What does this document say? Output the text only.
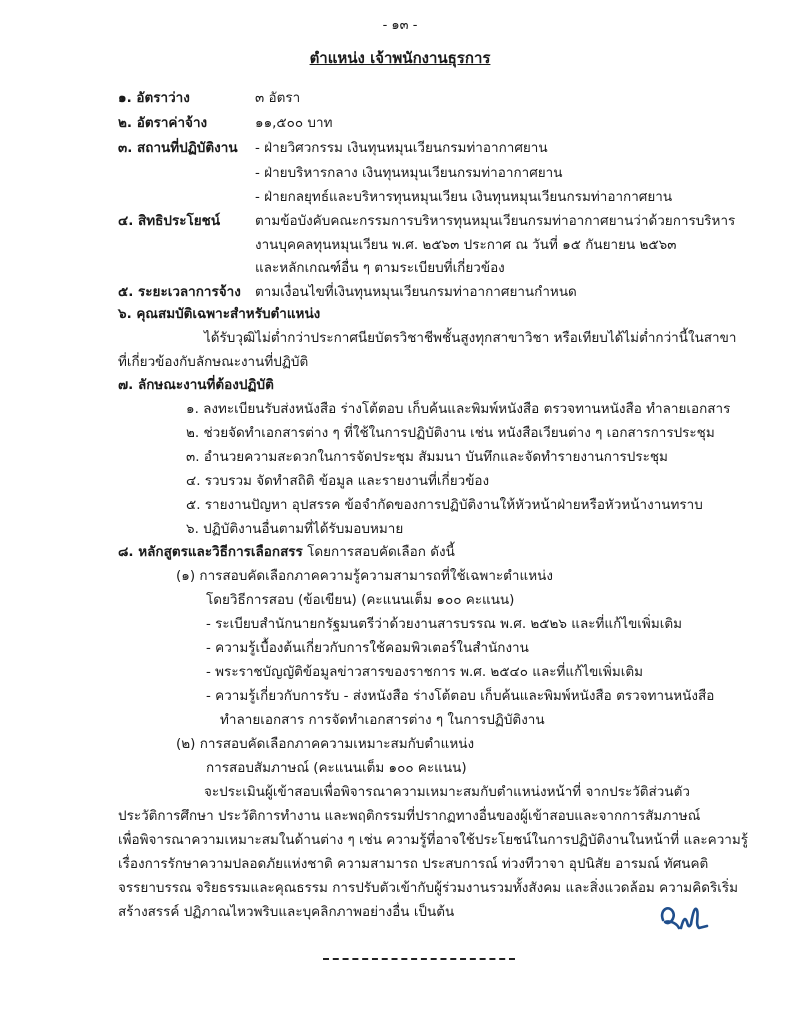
- ๑๓ -
ตำแหน่ง เจ้าพนักงานธุรการ
๑. อัตราว่าง	๓ อัตรา
๒. อัตราค่าจ้าง	๑๑,๕๐๐ บาท
๓. สถานที่ปฏิบัติงาน - ฝ่ายวิศวกรรม เงินทุนหมุนเวียนกรมท่าอากาศยาน
- ฝ่ายบริหารกลาง เงินทุนหมุนเวียนกรมท่าอากาศยาน
- ฝ่ายกลยุทธ์และบริหารทุนหมุนเวียน เงินทุนหมุนเวียนกรมท่าอากาศยาน
๔. สิทธิประโยชน์	ตามข้อบังคับคณะกรรมการบริหารทุนหมุนเวียนกรมท่าอากาศยานว่าด้วยการบริหาร
งานบุคคลทุนหมุนเวียน พ.ศ. ๒๕๖๓ ประกาศ ณ วันที่ ๑๕ กันยายน ๒๕๖๓
และหลักเกณฑ์อื่น ๆ ตามระเบียบที่เกี่ยวข้อง
๕. ระยะเวลาการจ้าง ตามเงื่อนไขที่เงินทุนหมุนเวียนกรมท่าอากาศยานกำหนด
๖. คุณสมบัติเฉพาะสำหรับตำแหน่ง
ได้รับวุฒิไม่ต่ำกว่าประกาศนียบัตรวิชาชีพชั้นสูงทุกสาขาวิชา หรือเทียบได้ไม่ต่ำกว่านี้ในสาขา
ที่เกี่ยวข้องกับลักษณะงานที่ปฏิบัติ
๗. ลักษณะงานที่ต้องปฏิบัติ
๑. ลงทะเบียนรับส่งหนังสือ ร่างโต้ตอบ เก็บค้นและพิมพ์หนังสือ ตรวจทานหนังสือ ทำลายเอกสาร
๒. ช่วยจัดทำเอกสารต่าง ๆ ที่ใช้ในการปฏิบัติงาน เช่น หนังสือเวียนต่าง ๆ เอกสารการประชุม
๓. อำนวยความสะดวกในการจัดประชุม สัมมนา บันทึกและจัดทำรายงานการประชุม
๔. รวบรวม จัดทำสถิติ ข้อมูล และรายงานที่เกี่ยวข้อง
๕. รายงานปัญหา อุปสรรค ข้อจำกัดของการปฏิบัติงานให้หัวหน้าฝ่ายหรือหัวหน้างานทราบ
๖. ปฏิบัติงานอื่นตามที่ได้รับมอบหมาย
๘. หลักสูตรและวิธีการเลือกสรร โดยการสอบคัดเลือก ดังนี้
(๑) การสอบคัดเลือกภาคความรู้ความสามารถที่ใช้เฉพาะตำแหน่ง
โดยวิธีการสอบ (ข้อเขียน) (คะแนนเต็ม ๑๐๐ คะแนน)
- ระเบียบสำนักนายกรัฐมนตรีว่าด้วยงานสารบรรณ พ.ศ. ๒๕๒๖ และที่แก้ไขเพิ่มเติม
- ความรู้เบื้องต้นเกี่ยวกับการใช้คอมพิวเตอร์ในสำนักงาน
- พระราชบัญญัติข้อมูลข่าวสารของราชการ พ.ศ. ๒๕๔๐ และที่แก้ไขเพิ่มเติม
- ความรู้เกี่ยวกับการรับ - ส่งหนังสือ ร่างโต้ตอบ เก็บค้นและพิมพ์หนังสือ ตรวจทานหนังสือ
ทำลายเอกสาร การจัดทำเอกสารต่าง ๆ ในการปฏิบัติงาน
(๒) การสอบคัดเลือกภาคความเหมาะสมกับตำแหน่ง
การสอบสัมภาษณ์ (คะแนนเต็ม ๑๐๐ คะแนน)
จะประเมินผู้เข้าสอบเพื่อพิจารณาความเหมาะสมกับตำแหน่งหน้าที่ จากประวัติส่วนตัว
ประวัติการศึกษา ประวัติการทำงาน และพฤติกรรมที่ปรากฏทางอื่นของผู้เข้าสอบและจากการสัมภาษณ์
เพื่อพิจารณาความเหมาะสมในด้านต่าง ๆ เช่น ความรู้ที่อาจใช้ประโยชน์ในการปฏิบัติงานในหน้าที่ และความรู้
เรื่องการรักษาความปลอดภัยแห่งชาติ ความสามารถ ประสบการณ์ ท่วงทีวาจา อุปนิสัย อารมณ์ ทัศนคติ
จรรยาบรรณ จริยธรรมและคุณธรรม การปรับตัวเข้ากับผู้ร่วมงานรวมทั้งสังคม และสิ่งแวดล้อม ความคิดริเริ่ม
สร้างสรรค์ ปฏิภาณไหวพริบและบุคลิกภาพอย่างอื่น เป็นต้น
